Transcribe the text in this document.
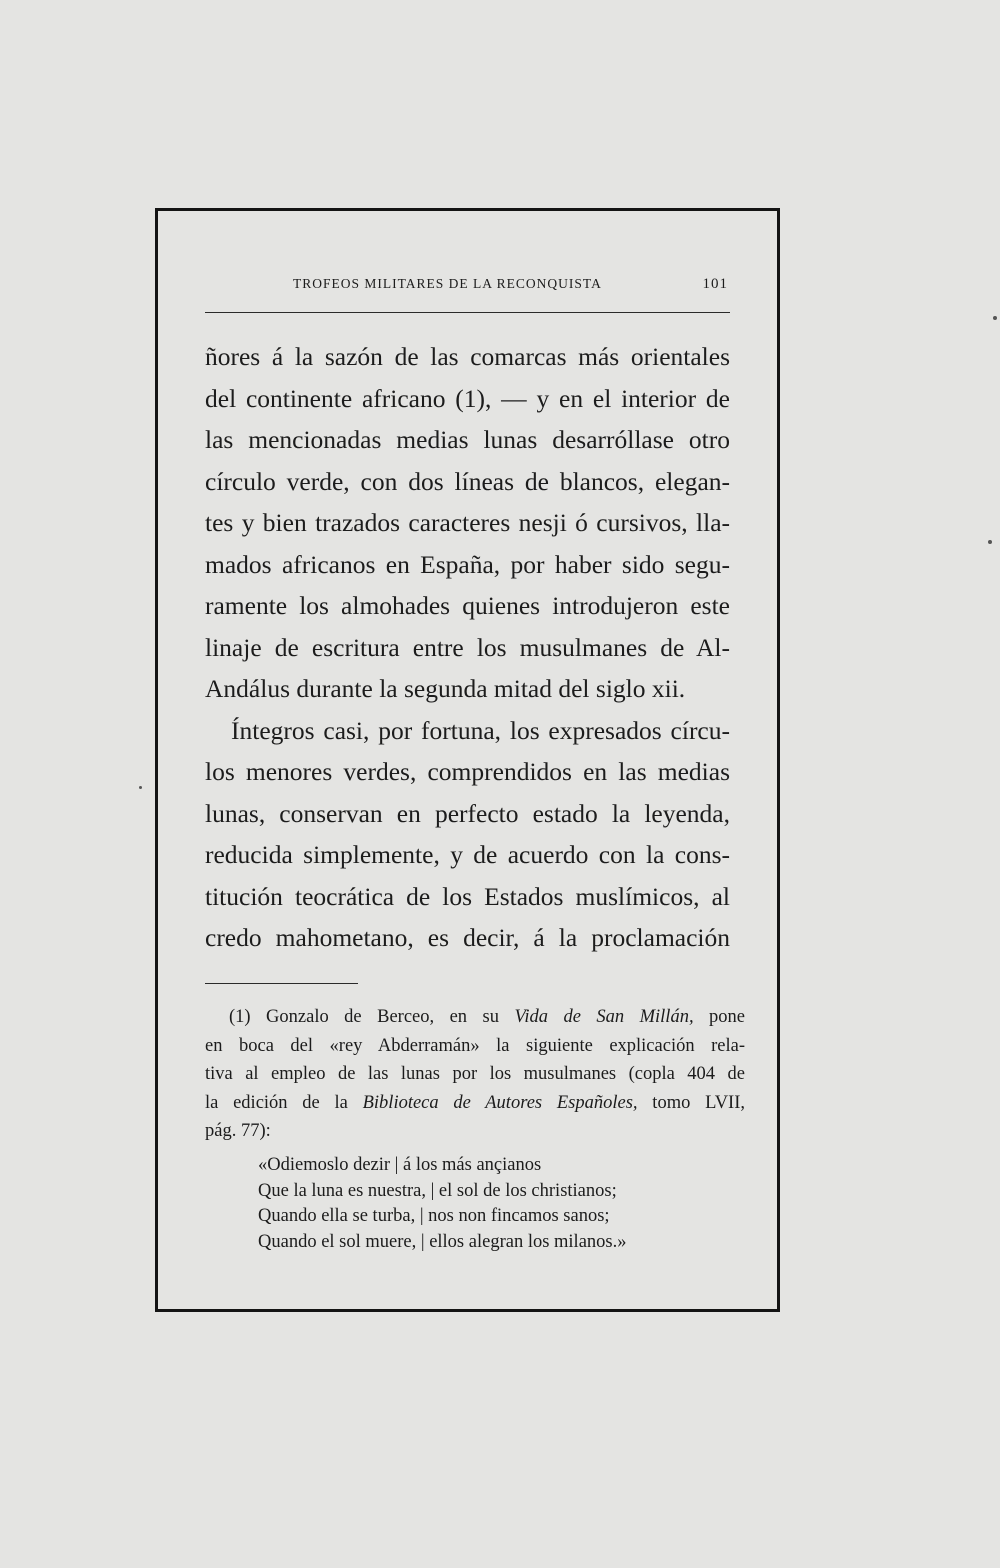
TROFEOS MILITARES DE LA RECONQUISTA	101
ñores á la sazón de las comarcas más orientales
del continente africano (1), — y en el interior de
las mencionadas medias lunas desarróllase otro
círculo verde, con dos líneas de blancos, elegan-
tes y bien trazados caracteres nesji ó cursivos, lla-
mados africanos en España, por haber sido segu-
ramente los almohades quienes introdujeron este
linaje de escritura entre los musulmanes de Al-
Andálus durante la segunda mitad del siglo xii.
Íntegros casi, por fortuna, los expresados círcu-
los menores verdes, comprendidos en las medias
lunas, conservan en perfecto estado la leyenda,
reducida simplemente, y de acuerdo con la cons-
titución teocrática de los Estados muslímicos, al
credo mahometano, es decir, á la proclamación
(1) Gonzalo de Berceo, en su Vida de San Millán, pone
en boca del «rey Abderramán» la siguiente explicación rela-
tiva al empleo de las lunas por los musulmanes (copla 404 de
la edición de la Biblioteca de Autores Españoles, tomo LVII,
pág. 77):
«Odiemoslo dezir | á los más ançianos
Que la luna es nuestra, | el sol de los christianos;
Quando ella se turba, | nos non fincamos sanos;
Quando el sol muere, | ellos alegran los milanos.»
